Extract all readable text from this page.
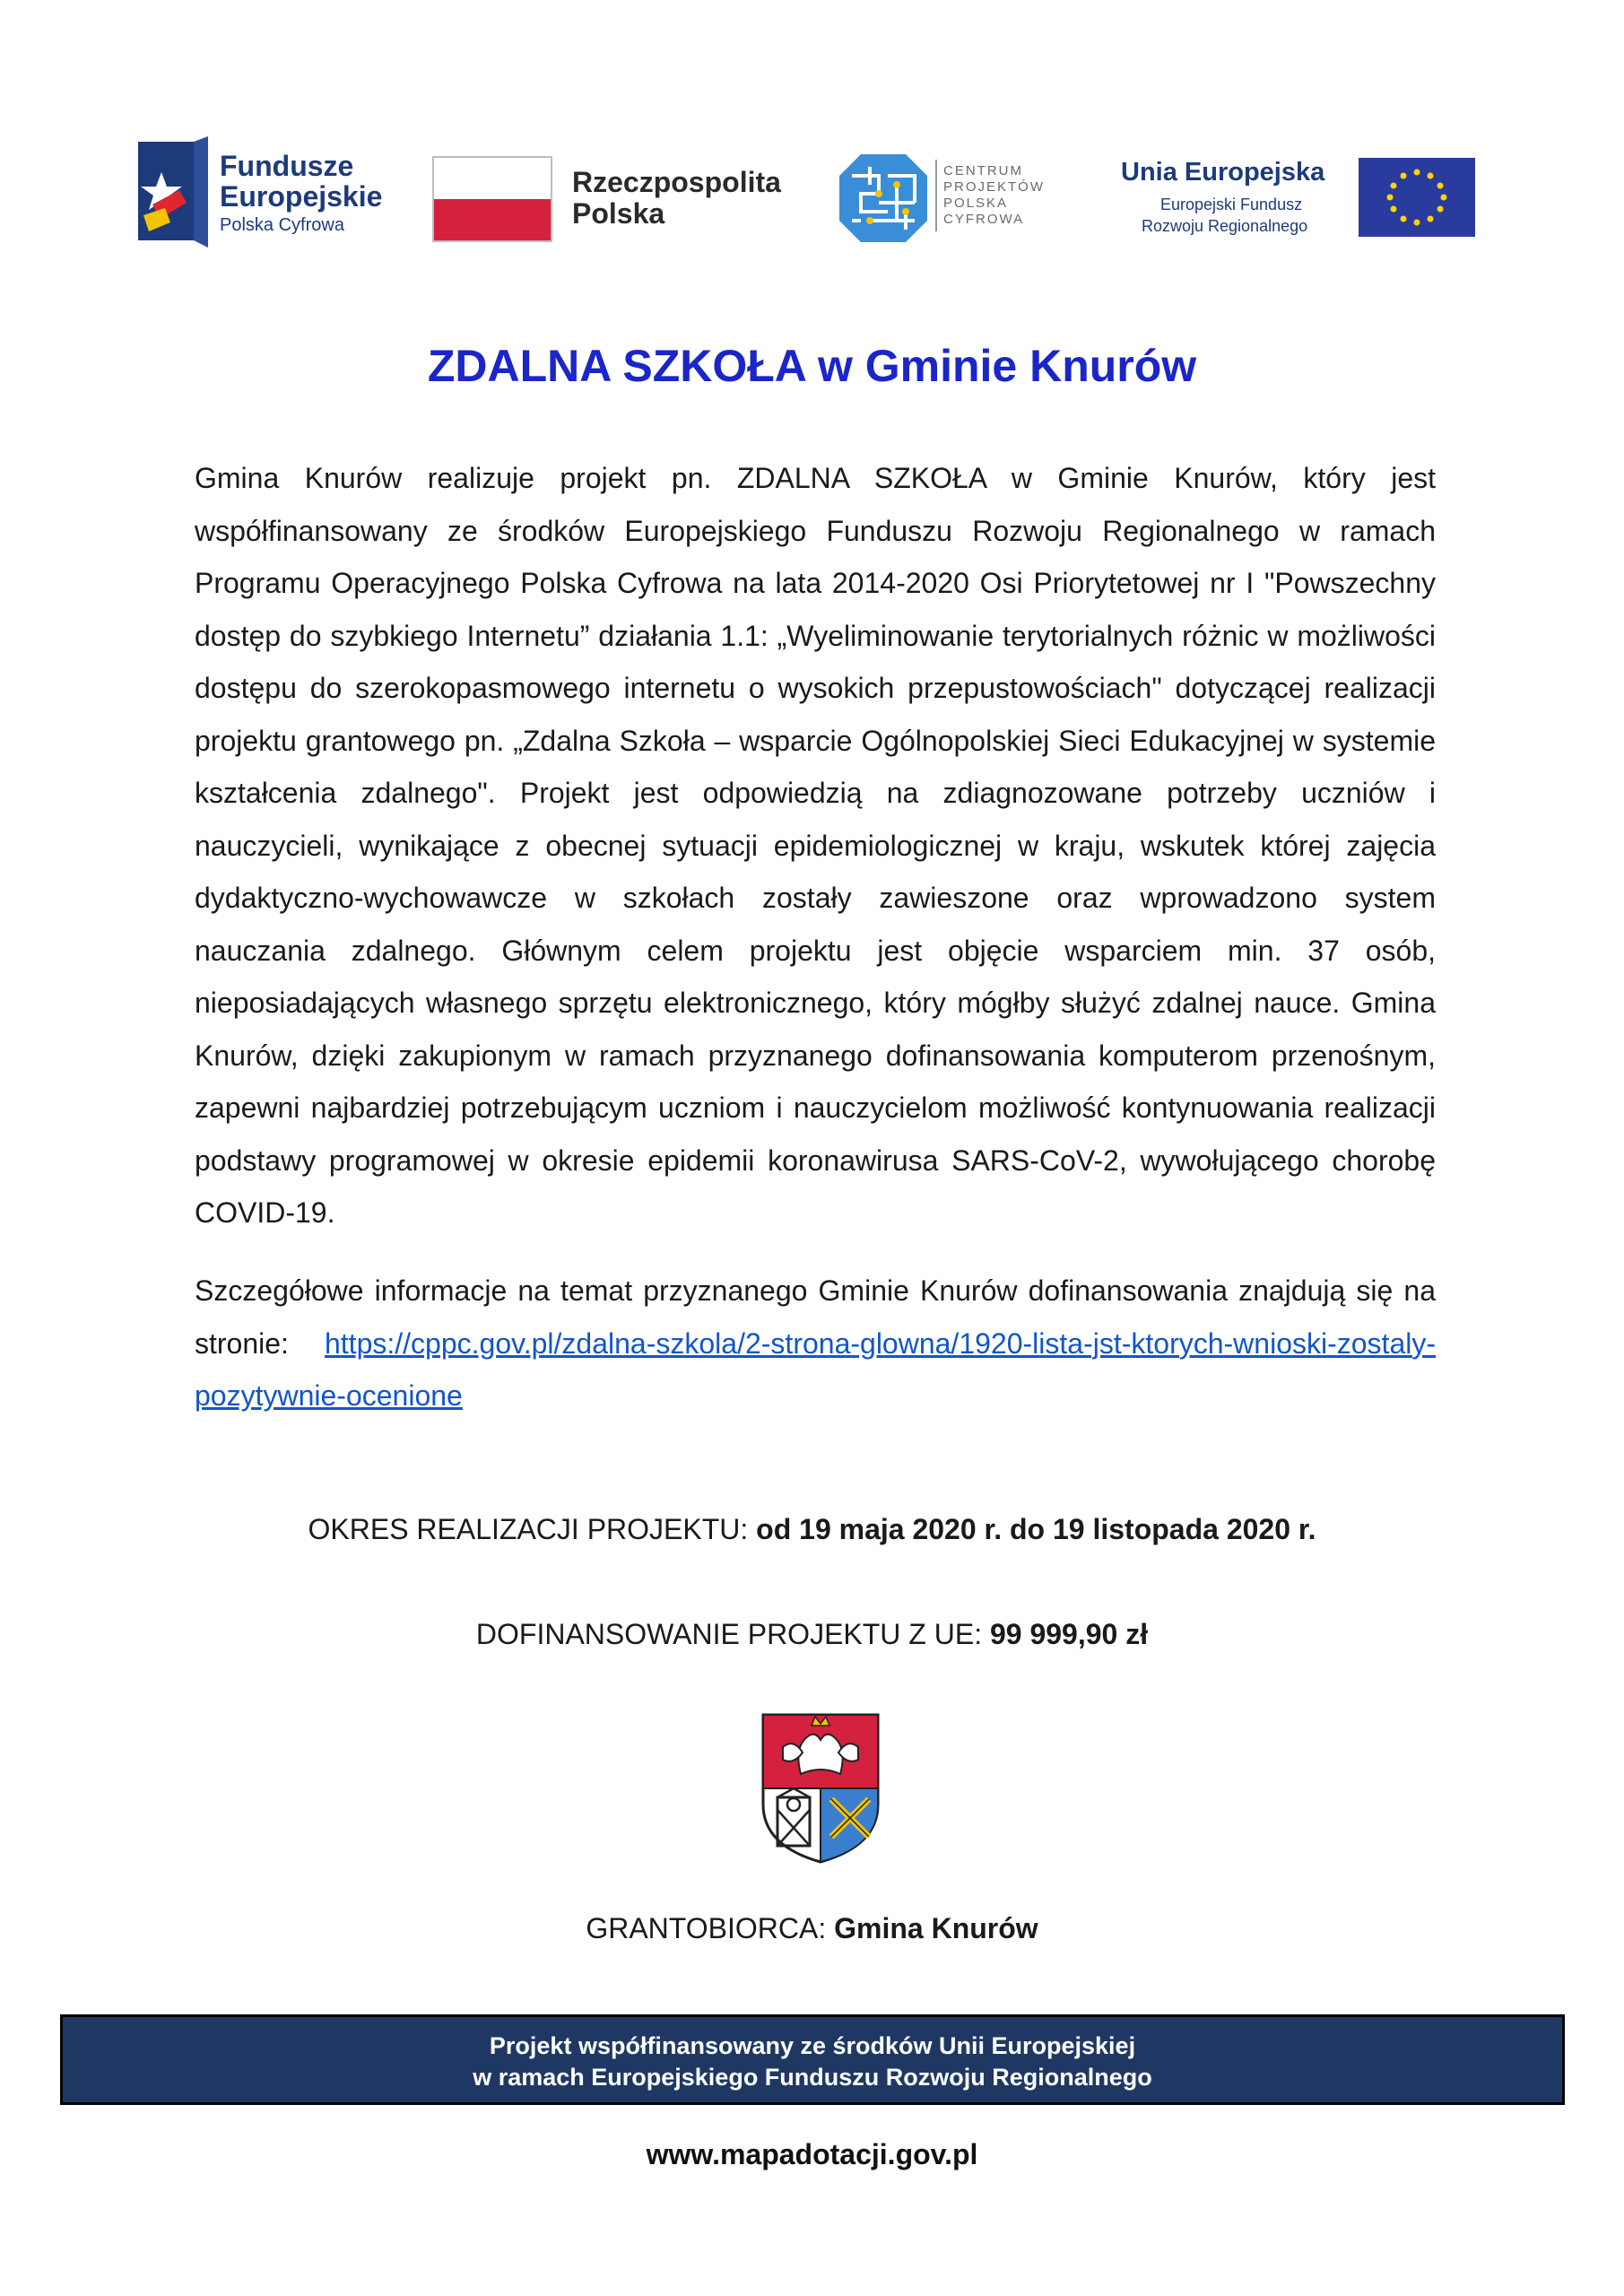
Fundusze
Europejskie
Polska Cyfrowa
Rzeczpospolita
Polska
CENTRUM
PROJEKTÓW
POLSKA
CYFROWA
Unia Europejska
Europejski Fundusz
Rozwoju Regionalnego
ZDALNA SZKOŁA w Gminie Knurów
Gmina Knurów realizuje projekt pn. ZDALNA SZKOŁA w Gminie Knurów, który jest współfinansowany ze środków Europejskiego Funduszu Rozwoju Regionalnego w ramach Programu Operacyjnego Polska Cyfrowa na lata 2014-2020 Osi Priorytetowej nr I "Powszechny dostęp do szybkiego Internetu” działania 1.1: „Wyeliminowanie terytorialnych różnic w możliwości dostępu do szerokopasmowego internetu o wysokich przepustowościach" dotyczącej realizacji projektu grantowego pn. „Zdalna Szkoła – wsparcie Ogólnopolskiej Sieci Edukacyjnej w systemie kształcenia zdalnego". Projekt jest odpowiedzią na zdiagnozowane potrzeby uczniów i nauczycieli, wynikające z obecnej sytuacji epidemiologicznej w kraju, wskutek której zajęcia dydaktyczno-wychowawcze w szkołach zostały zawieszone oraz wprowadzono system nauczania zdalnego. Głównym celem projektu jest objęcie wsparciem min. 37 osób, nieposiadających własnego sprzętu elektronicznego, który mógłby służyć zdalnej nauce. Gmina Knurów, dzięki zakupionym w ramach przyznanego dofinansowania komputerom przenośnym, zapewni najbardziej potrzebującym uczniom i nauczycielom możliwość kontynuowania realizacji podstawy programowej w okresie epidemii koronawirusa SARS-CoV-2, wywołującego chorobę COVID-19.
Szczegółowe informacje na temat przyznanego Gminie Knurów dofinansowania znajdują się na stronie: https://cppc.gov.pl/zdalna-szkola/2-strona-glowna/1920-lista-jst-ktorych-wnioski-zostaly-pozytywnie-ocenione
OKRES REALIZACJI PROJEKTU: od 19 maja 2020 r. do 19 listopada 2020 r.
DOFINANSOWANIE PROJEKTU Z UE: 99 999,90 zł
GRANTOBIORCA: Gmina Knurów
Projekt współfinansowany ze środków Unii Europejskiej
w ramach Europejskiego Funduszu Rozwoju Regionalnego
www.mapadotacji.gov.pl
